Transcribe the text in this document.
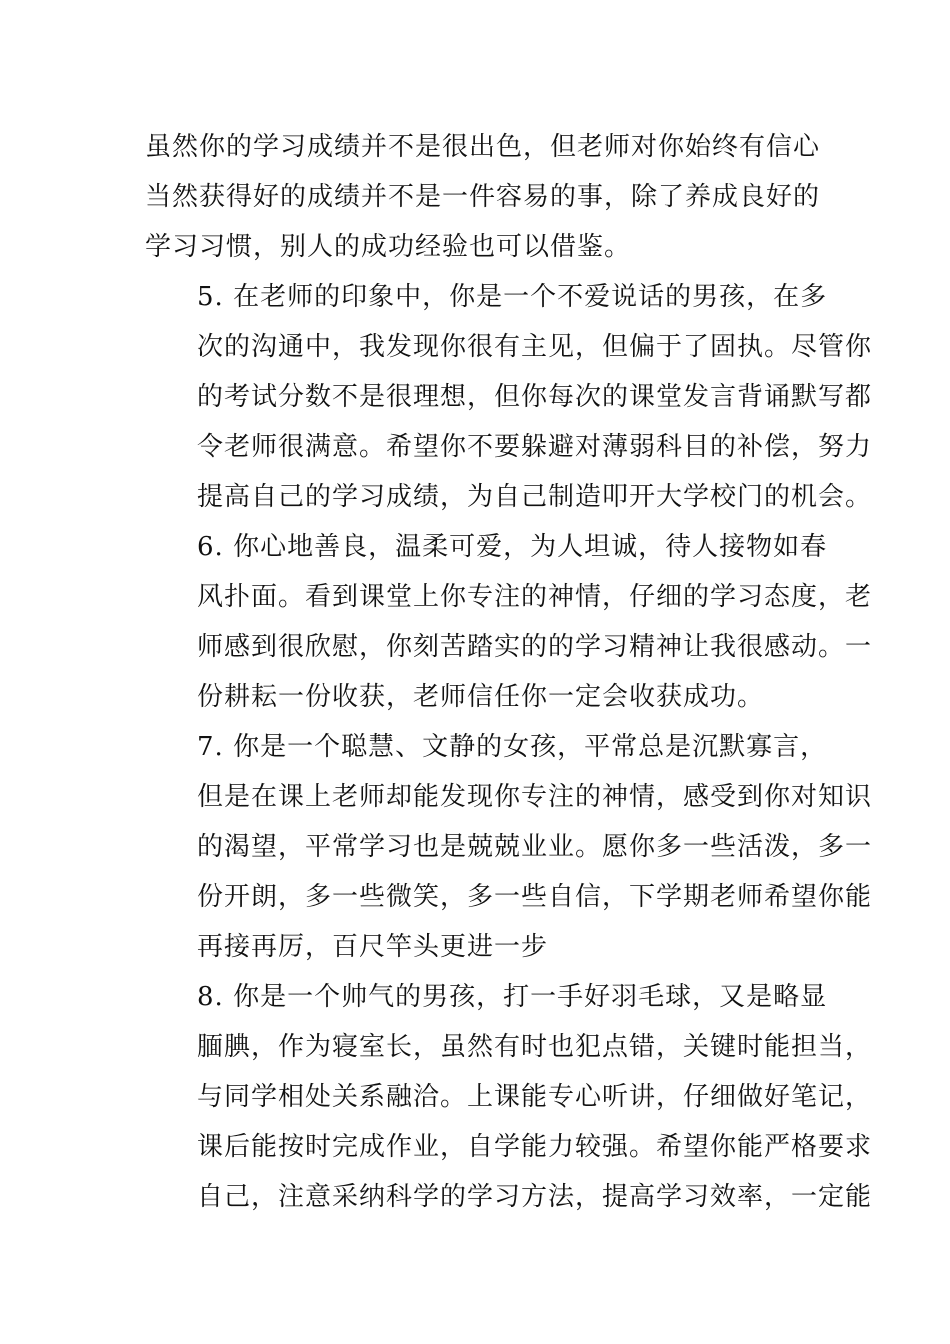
虽然你的学习成绩并不是很出色，但老师对你始终有信心
当然获得好的成绩并不是一件容易的事，除了养成良好的
学习习惯，别人的成功经验也可以借鉴。

5. 在老师的印象中，你是一个不爱说话的男孩，在多
次的沟通中，我发现你很有主见，但偏于了固执。尽管你
的考试分数不是很理想，但你每次的课堂发言背诵默写都
令老师很满意。希望你不要躲避对薄弱科目的补偿，努力
提高自己的学习成绩，为自己制造叩开大学校门的机会。

6. 你心地善良，温柔可爱，为人坦诚，待人接物如春
风扑面。看到课堂上你专注的神情，仔细的学习态度，老
师感到很欣慰，你刻苦踏实的的学习精神让我很感动。一
份耕耘一份收获，老师信任你一定会收获成功。

7. 你是一个聪慧、文静的女孩，平常总是沉默寡言，
但是在课上老师却能发现你专注的神情，感受到你对知识
的渴望，平常学习也是兢兢业业。愿你多一些活泼，多一
份开朗，多一些微笑，多一些自信，下学期老师希望你能
再接再厉，百尺竿头更进一步

8. 你是一个帅气的男孩，打一手好羽毛球，又是略显
腼腆，作为寝室长，虽然有时也犯点错，关键时能担当，
与同学相处关系融洽。上课能专心听讲，仔细做好笔记，
课后能按时完成作业，自学能力较强。希望你能严格要求
自己，注意采纳科学的学习方法，提高学习效率，一定能
